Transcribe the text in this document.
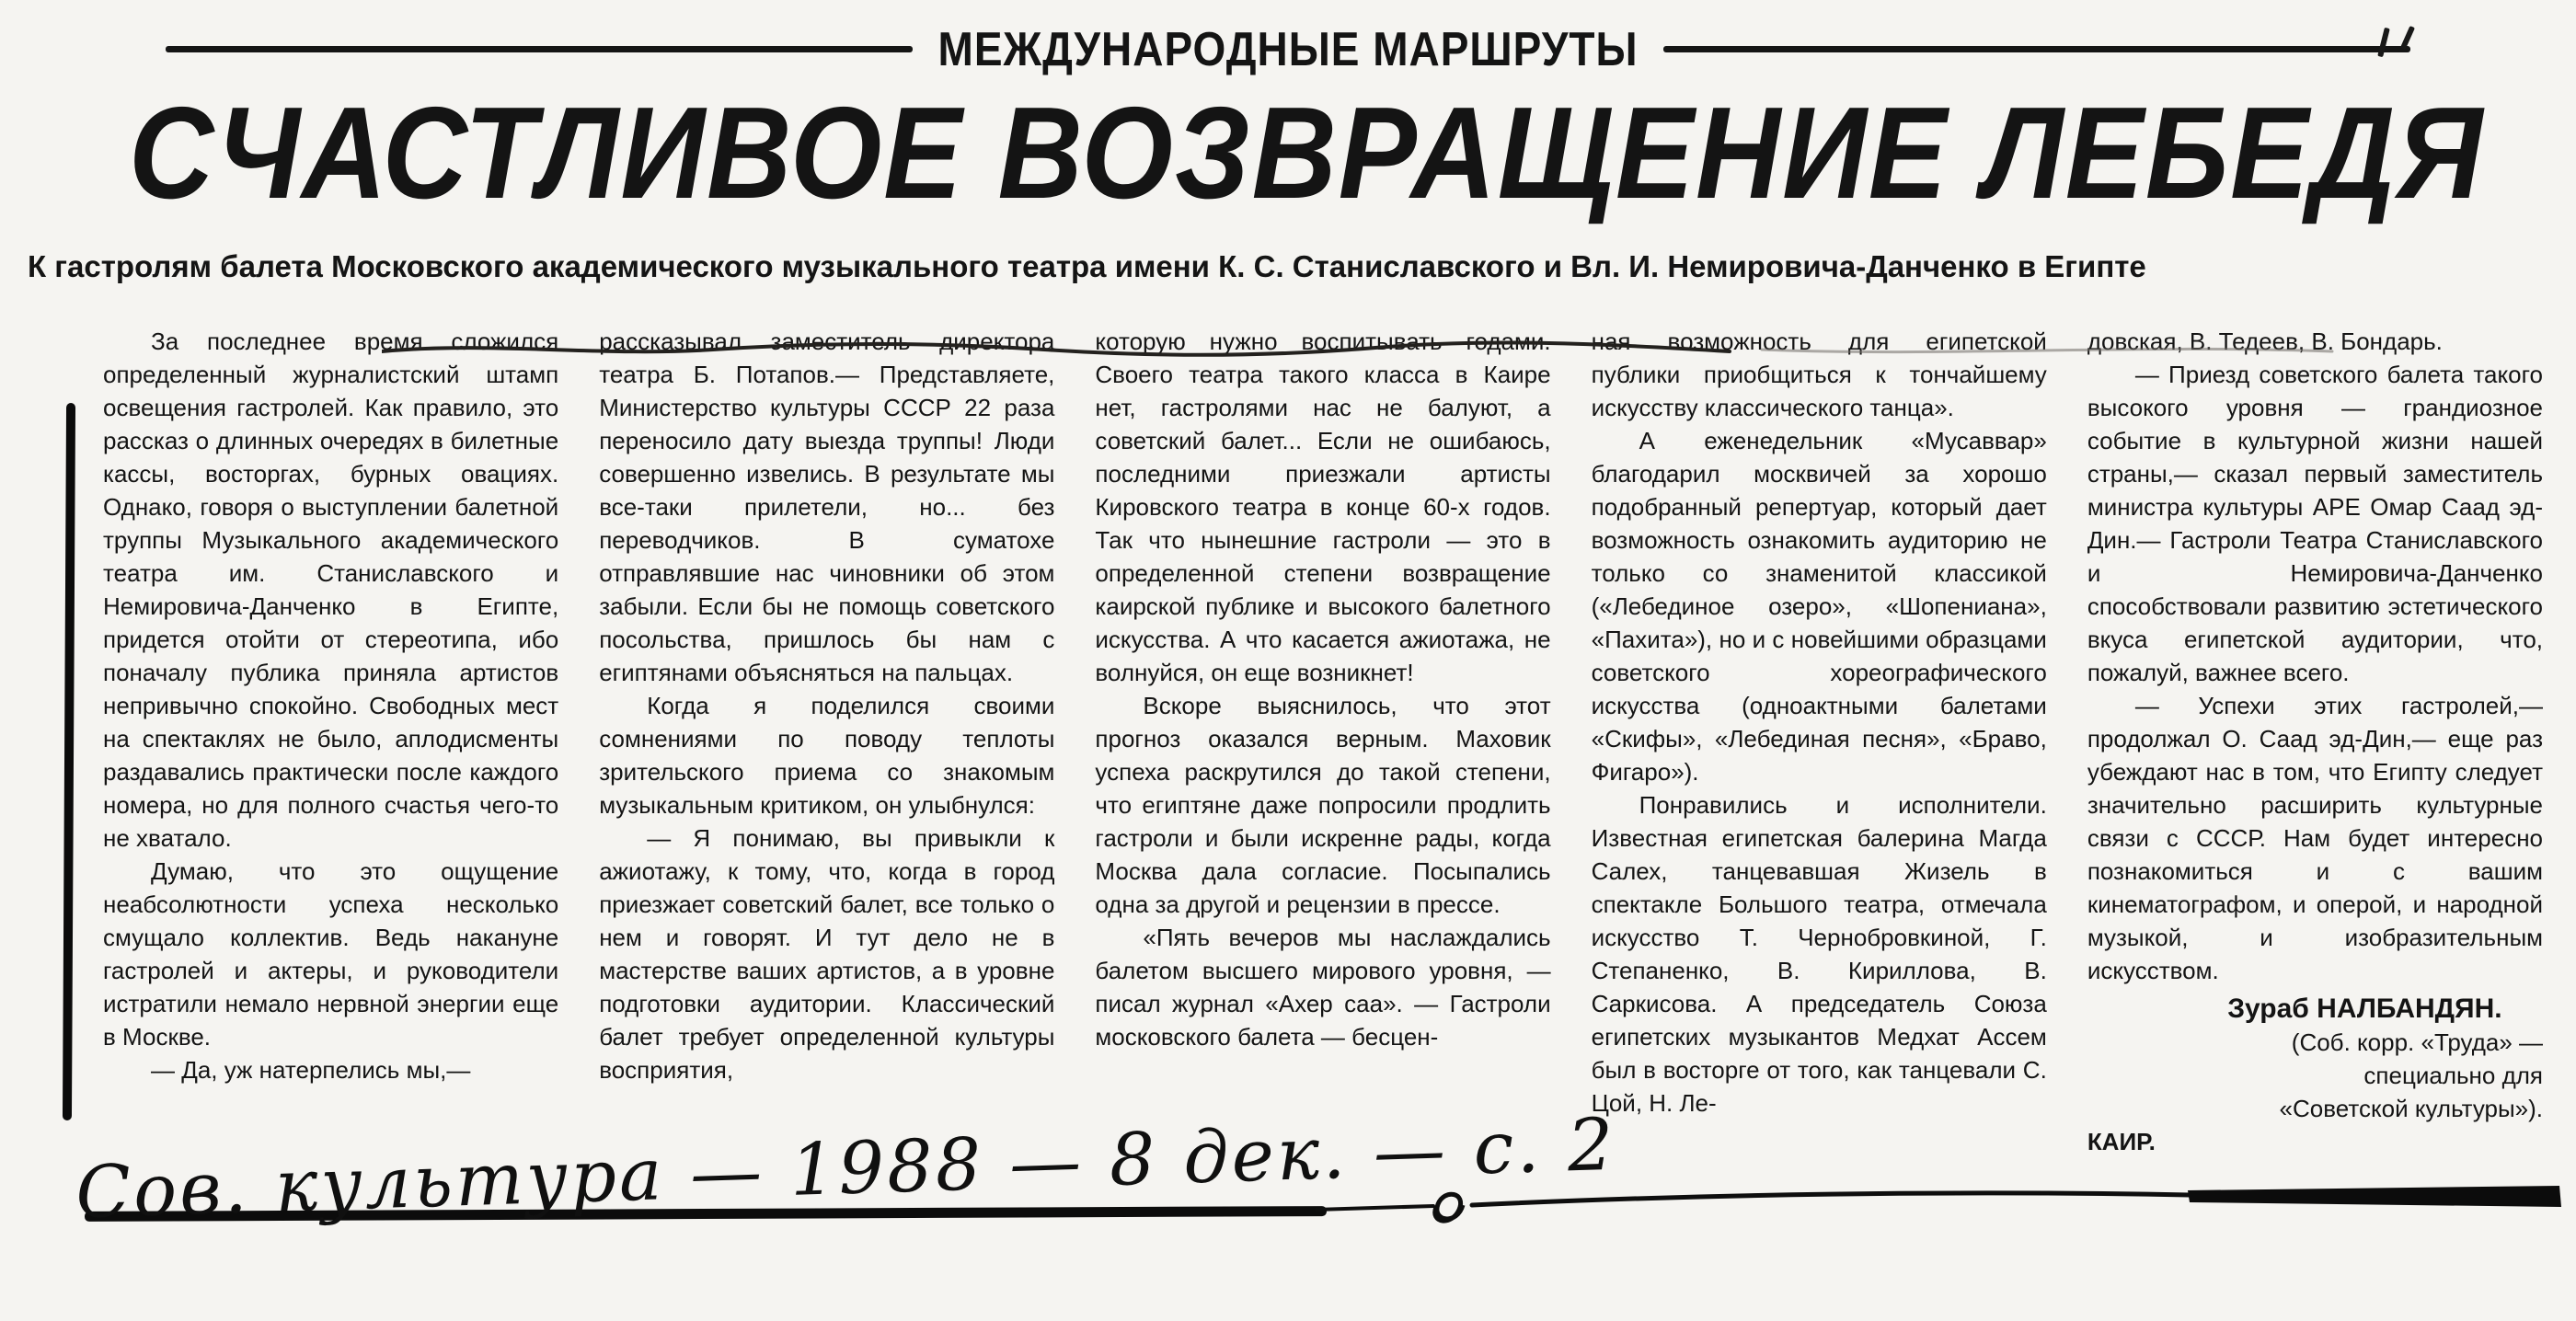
МЕЖДУНАРОДНЫЕ МАРШРУТЫ
СЧАСТЛИВОЕ ВОЗВРАЩЕНИЕ ЛЕБЕДЯ
К гастролям балета Московского академического музыкального театра имени К. С. Станиславского и Вл. И. Немировича-Данченко в Египте

За последнее время сложился определенный журналистский штамп освещения гастролей. Как правило, это рассказ о длинных очередях в билетные кассы, восторгах, бурных овациях. Однако, говоря о выступлении балетной труппы Музыкального академического театра им. Станиславского и Немировича-Данченко в Египте, придется отойти от стереотипа, ибо поначалу публика приняла артистов непривычно спокойно. Свободных мест на спектаклях не было, аплодисменты раздавались практически после каждого номера, но для полного счастья чего-то не хватало.

Думаю, что это ощущение неабсолютности успеха несколько смущало коллектив. Ведь накануне гастролей и актеры, и руководители истратили немало нервной энергии еще в Москве.

— Да, уж натерпелись мы,—

рассказывал заместитель директора театра Б. Потапов.— Представляете, Министерство культуры СССР 22 раза переносило дату выезда труппы! Люди совершенно извелись. В результате мы все-таки прилетели, но... без переводчиков. В суматохе отправлявшие нас чиновники об этом забыли. Если бы не помощь советского посольства, пришлось бы нам с египтянами объясняться на пальцах.

Когда я поделился своими сомнениями по поводу теплоты зрительского приема со знакомым музыкальным критиком, он улыбнулся:

— Я понимаю, вы привыкли к ажиотажу, к тому, что, когда в город приезжает советский балет, все только о нем и говорят. И тут дело не в мастерстве ваших артистов, а в уровне подготовки аудитории. Классический балет требует определенной культуры восприятия,

которую нужно воспитывать годами. Своего театра такого класса в Каире нет, гастролями нас не балуют, а советский балет... Если не ошибаюсь, последними приезжали артисты Кировского театра в конце 60-х годов. Так что нынешние гастроли — это в определенной степени возвращение каирской публике и высокого балетного искусства. А что касается ажиотажа, не волнуйся, он еще возникнет!

Вскоре выяснилось, что этот прогноз оказался верным. Маховик успеха раскрутился до такой степени, что египтяне даже попросили продлить гастроли и были искренне рады, когда Москва дала согласие. Посыпались одна за другой и рецензии в прессе.

«Пять вечеров мы наслаждались балетом высшего мирового уровня, — писал журнал «Ахер саа». — Гастроли московского балета — бесцен-

ная возможность для египетской публики приобщиться к тончайшему искусству классического танца».

А еженедельник «Мусаввар» благодарил москвичей за хорошо подобранный репертуар, который дает возможность ознакомить аудиторию не только со знаменитой классикой («Лебединое озеро», «Шопениана», «Пахита»), но и с новейшими образцами советского хореографического искусства (одноактными балетами «Скифы», «Лебединая песня», «Браво, Фигаро»).

Понравились и исполнители. Известная египетская балерина Магда Салех, танцевавшая Жизель в спектакле Большого театра, отмечала искусство Т. Чернобровкиной, Г. Степаненко, В. Кириллова, В. Саркисова. А председатель Союза египетских музыкантов Медхат Ассем был в восторге от того, как танцевали С. Цой, Н. Ле-

довская, В. Тедеев, В. Бондарь.

— Приезд советского балета такого высокого уровня — грандиозное событие в культурной жизни нашей страны,— сказал первый заместитель министра культуры АРЕ Омар Саад эд-Дин.— Гастроли Театра Станиславского и Немировича-Данченко способствовали развитию эстетического вкуса египетской аудитории, что, пожалуй, важнее всего.

— Успехи этих гастролей,— продолжал О. Саад эд-Дин,— еще раз убеждают нас в том, что Египту следует значительно расширить культурные связи с СССР. Нам будет интересно познакомиться и с вашим кинематографом, и оперой, и народной музыкой, и изобразительным искусством.

Зураб НАЛБАНДЯН.

(Соб. корр. «Труда» —

специально для

«Советской культуры»).

КАИР.

Сов. культура — 1988 — 8 дек. — с. 2
